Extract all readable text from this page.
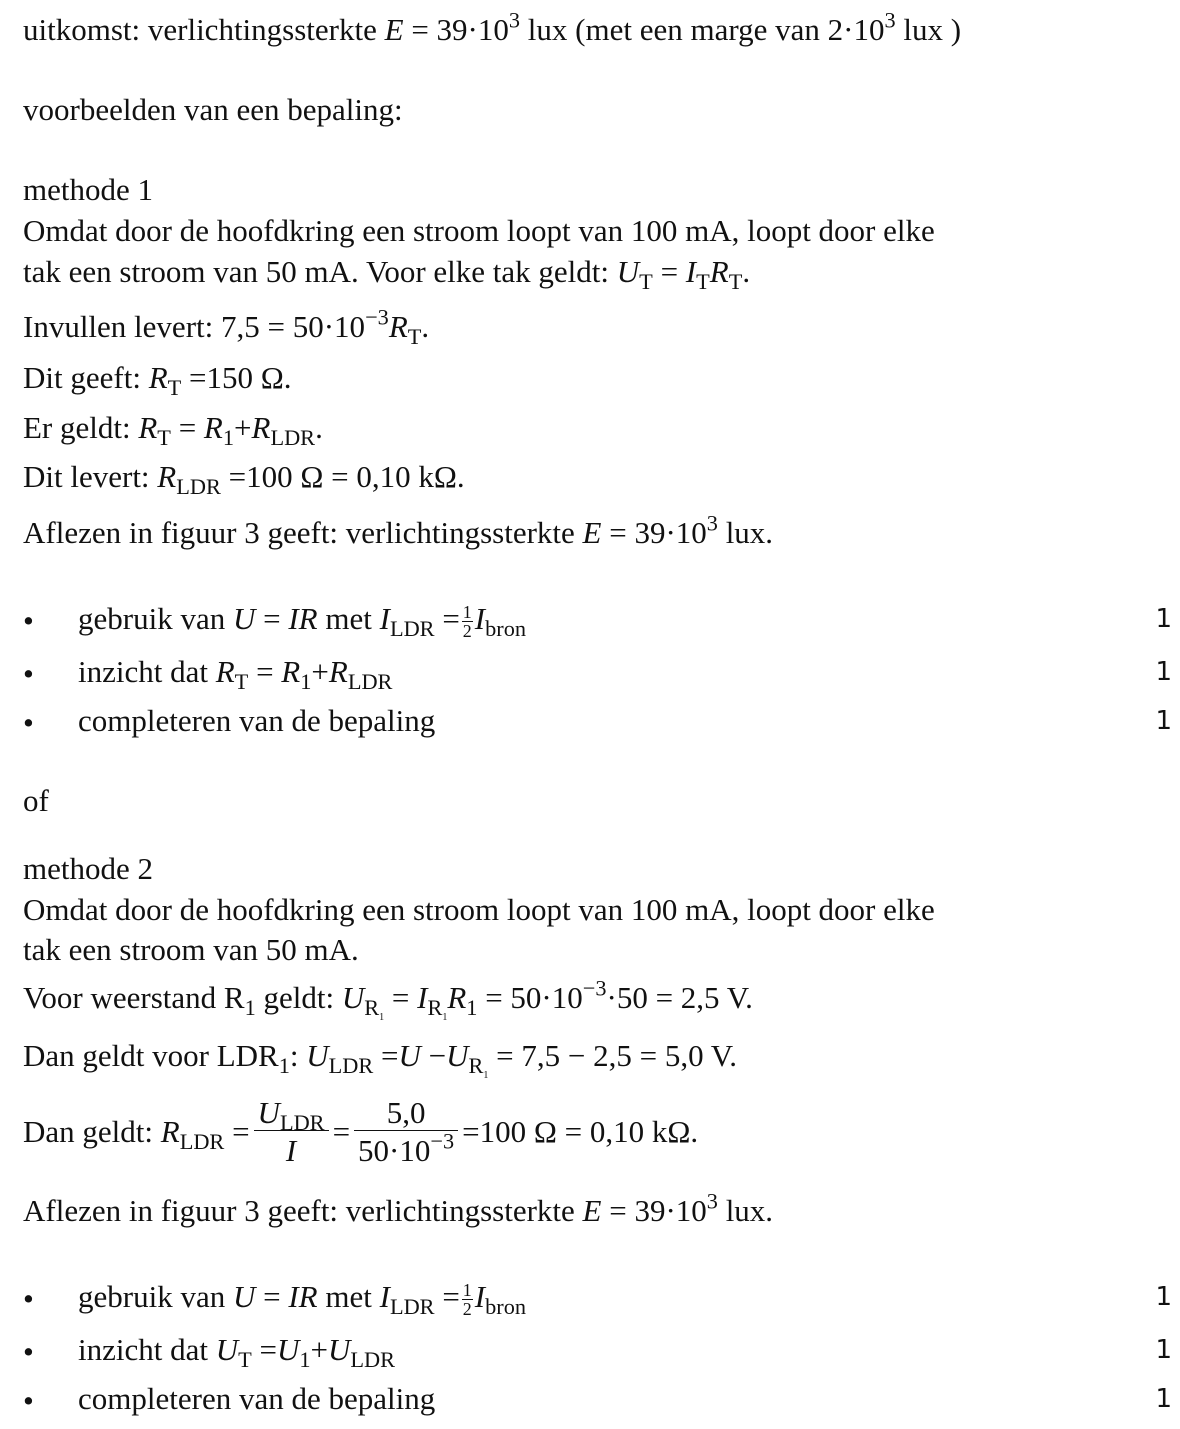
uitkomst: verlichtingssterkte $E = 39\cdot 10^3$ lux (met een marge van $2\cdot 10^3$ lux )
voorbeelden van een bepaling:
methode 1
Omdat door de hoofdkring een stroom loopt van 100 mA, loopt door elke
tak een stroom van 50 mA. Voor elke tak geldt: $U_T = I_TR_T$.
Invullen levert: $7,5 = 50\cdot 10^{-3}R_T$.
Dit geeft: $R_T =150$ Ω.
Er geldt: $R_T = R_1+R_{LDR}$.
Dit levert: $R_{LDR} =100$ Ω = 0,10 kΩ.
Aflezen in figuur 3 geeft: verlichtingssterkte $E = 39\cdot 10^3$ lux.
• gebruik van U = IR met $I_{LDR} = \frac{1}{2} I_{bron}$	1
• inzicht dat $R_T = R_1+R_{LDR}$	1
• completeren van de bepaling	1
of
methode 2
Omdat door de hoofdkring een stroom loopt van 100 mA, loopt door elke
tak een stroom van 50 mA.
Voor weerstand $R_1$ geldt: $U_{R_1} = I_{R_1}R_1 = 50\cdot 10^{-3}\cdot 50 = 2,5$ V.
Dan geldt voor $LDR_1$: $U_{LDR} =U -U_{R_1} = 7,5 - 2,5 = 5,0$ V.
Dan geldt: $R_{LDR} = \frac{U_{LDR}}{I} = \frac{5,0}{50\cdot 10^{-3}} =100$ Ω = 0,10 kΩ.
Aflezen in figuur 3 geeft: verlichtingssterkte $E = 39\cdot 10^3$ lux.
• gebruik van U = IR met $I_{LDR} = \frac{1}{2} I_{bron}$	1
• inzicht dat $U_T =U_1+U_{LDR}$	1
• completeren van de bepaling	1
